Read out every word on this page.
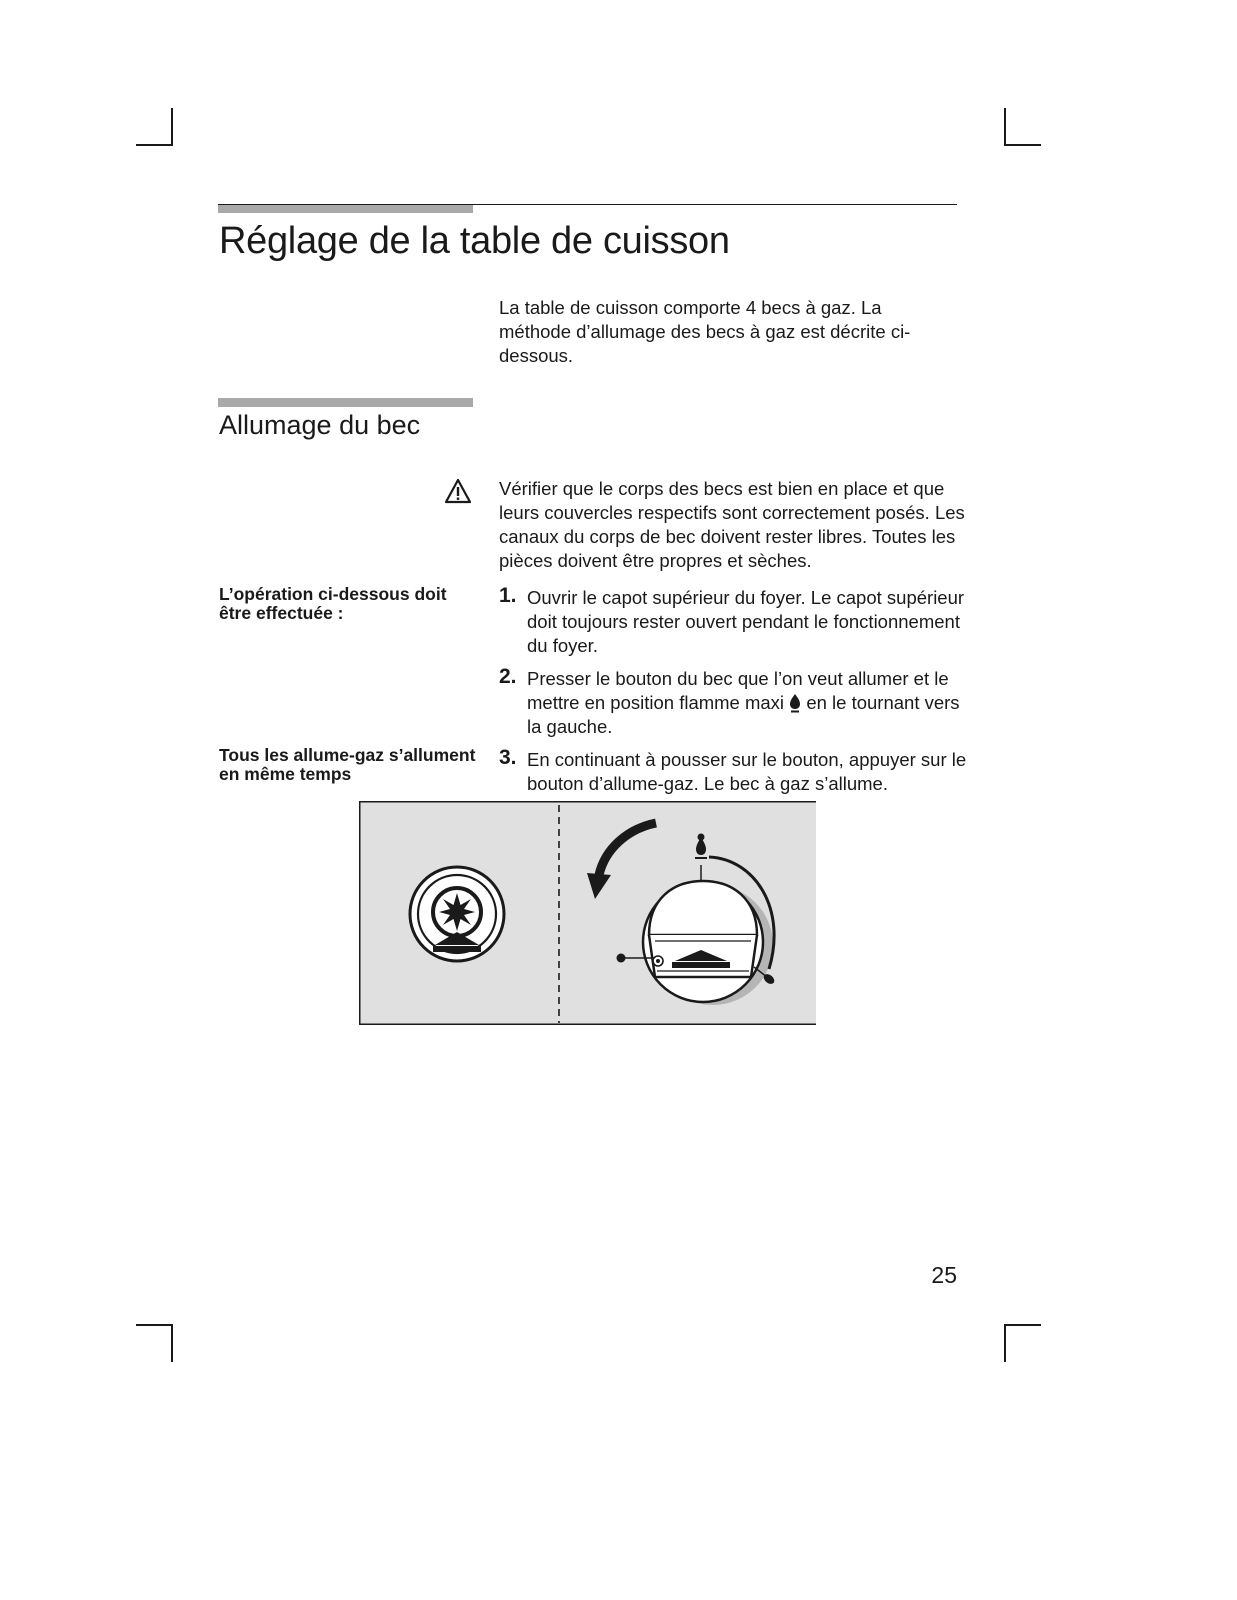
Réglage de la table de cuisson
La table de cuisson comporte 4 becs à gaz. La méthode d’allumage des becs à gaz est décrite ci-dessous.
Allumage du bec
Vérifier que le corps des becs est bien en place et que leurs couvercles respectifs sont correctement posés. Les canaux du corps de bec doivent rester libres. Toutes les pièces doivent être propres et sèches.
L’opération ci-dessous doit être effectuée :
Tous les allume-gaz s’allument en même temps
1. Ouvrir le capot supérieur du foyer. Le capot supérieur doit toujours rester ouvert pendant le fonctionnement du foyer.
2. Presser le bouton du bec que l’on veut allumer et le mettre en position flamme maxi  en le tournant vers la gauche.
3. En continuant à pousser sur le bouton, appuyer sur le bouton d’allume-gaz. Le bec à gaz s’allume.
25
